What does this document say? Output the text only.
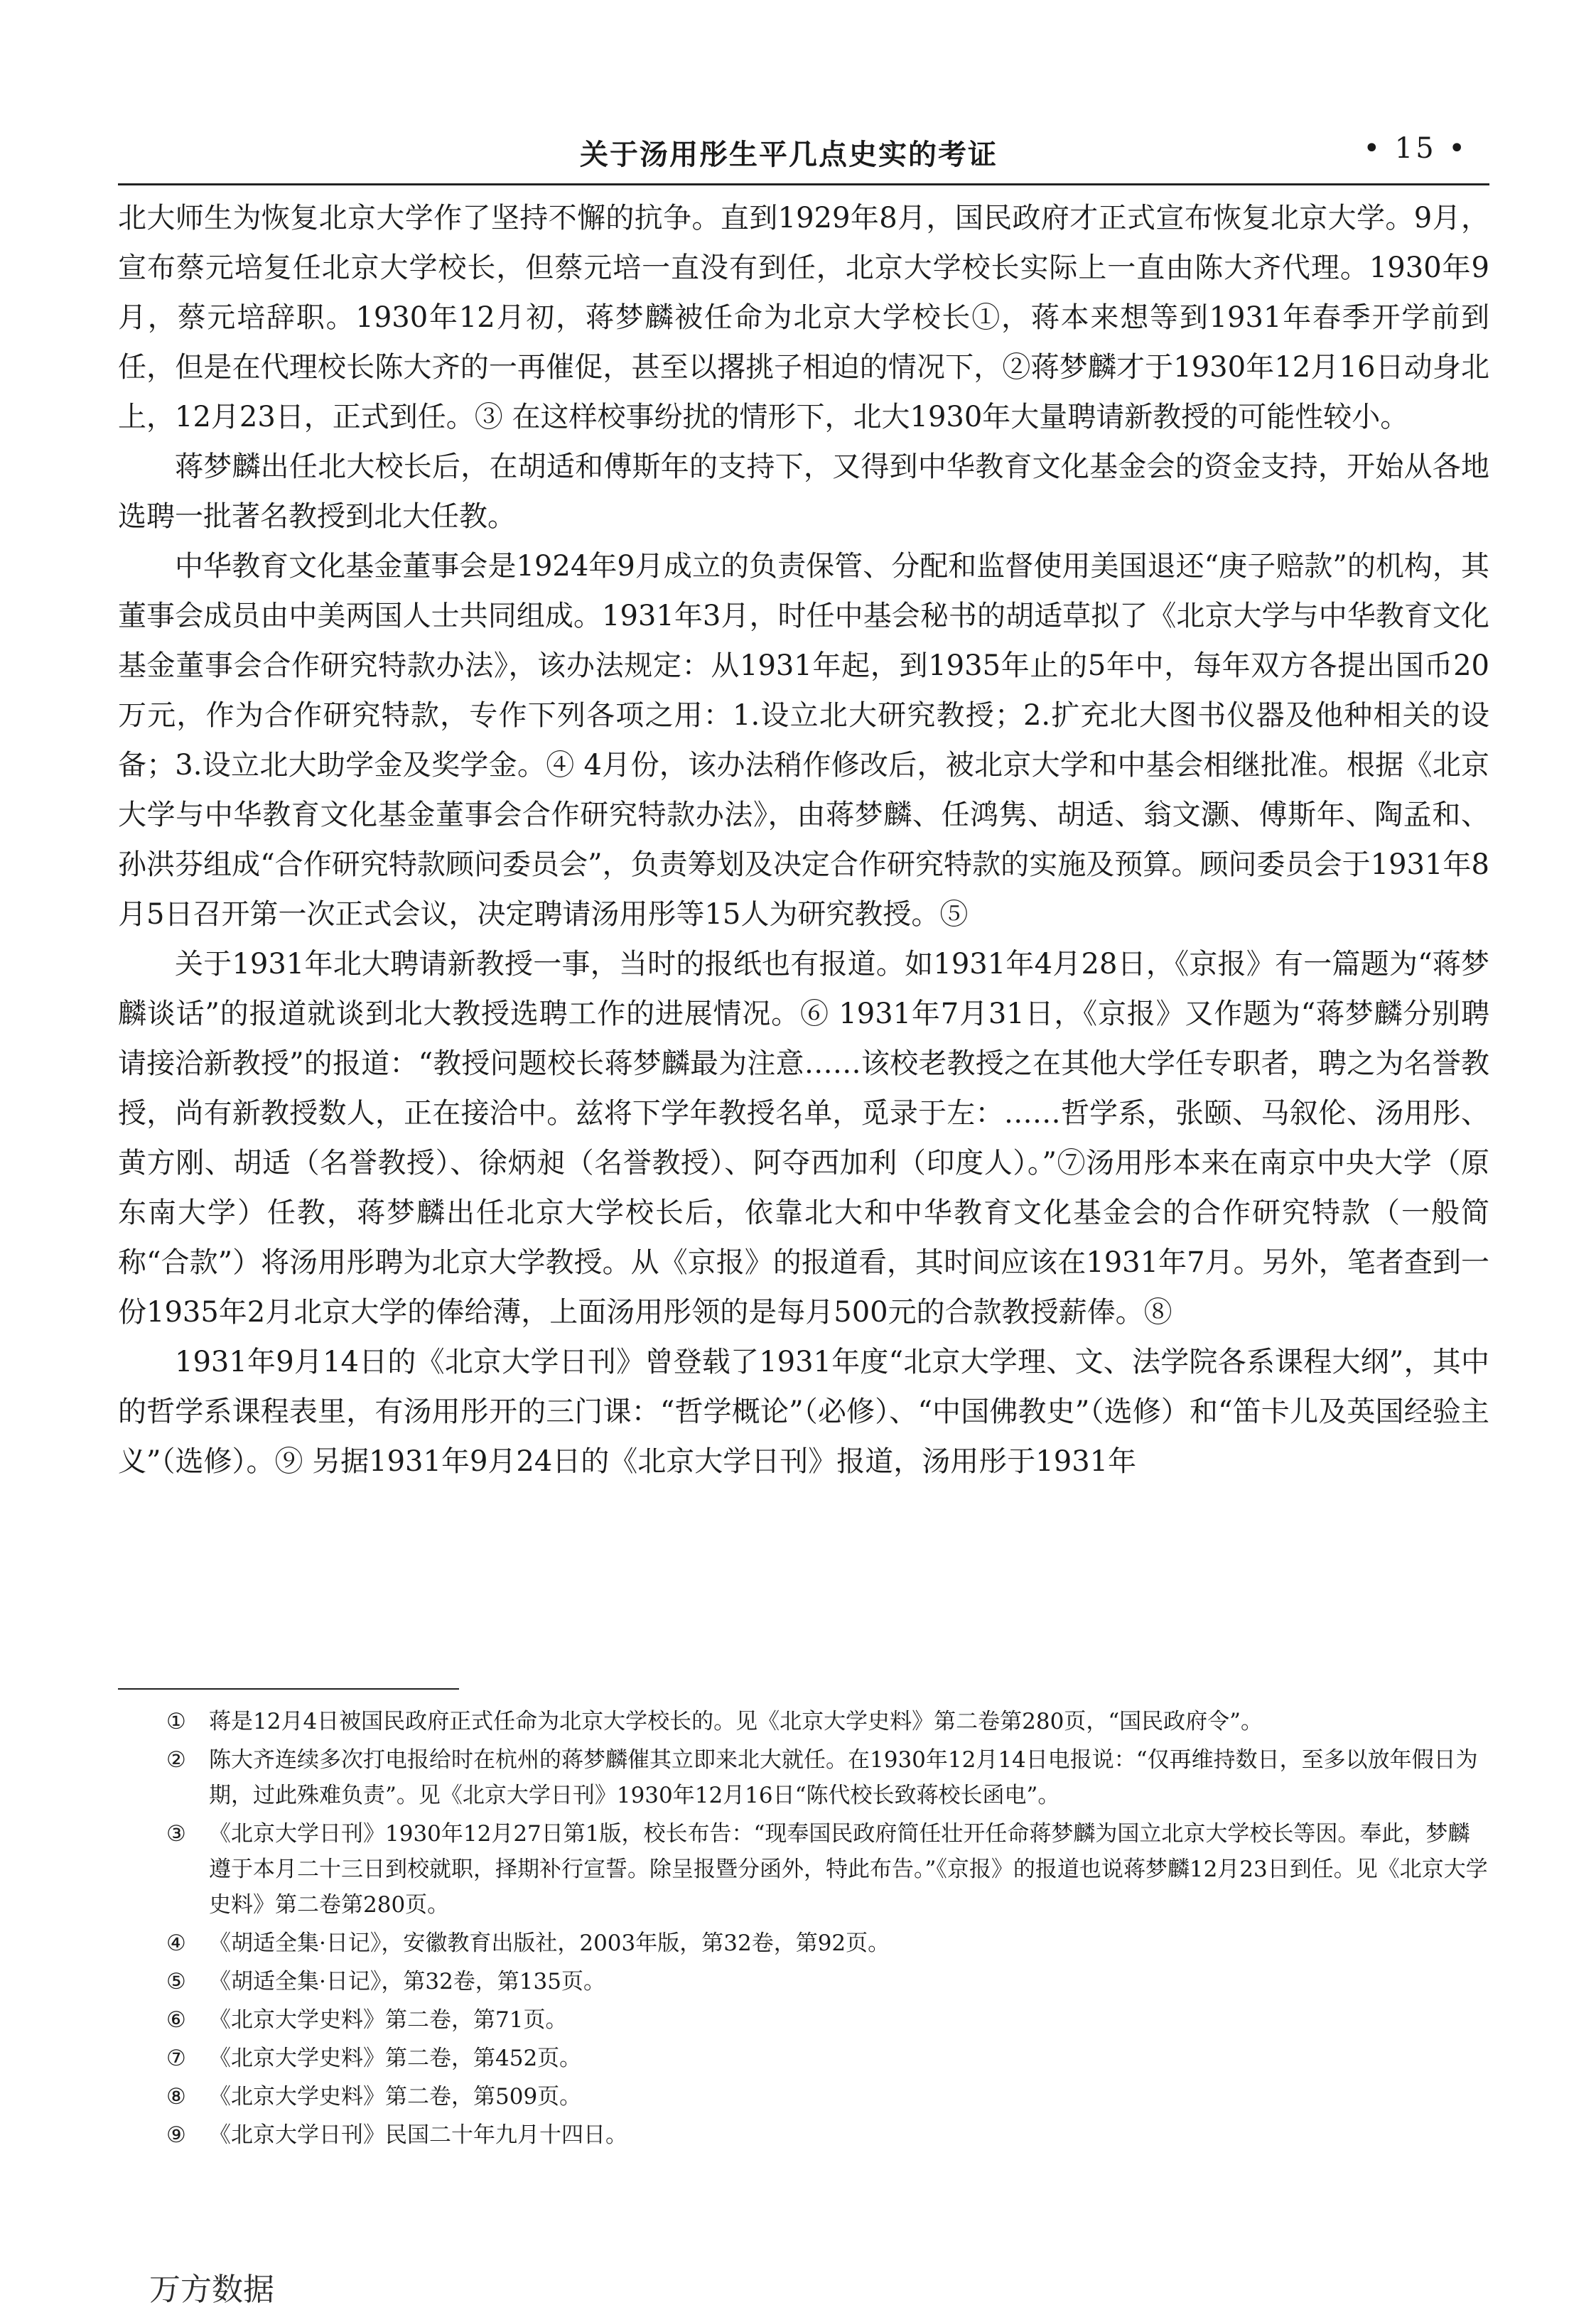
关于汤用彤生平几点史实的考证	• 15 •

北大师生为恢复北京大学作了坚持不懈的抗争。直到1929年8月，国民政府才正式宣布恢复北京大学。9月，宣布蔡元培复任北京大学校长，但蔡元培一直没有到任，北京大学校长实际上一直由陈大齐代理。1930年9月，蔡元培辞职。1930年12月初，蒋梦麟被任命为北京大学校长①，蒋本来想等到1931年春季开学前到任，但是在代理校长陈大齐的一再催促，甚至以撂挑子相迫的情况下，②蒋梦麟才于1930年12月16日动身北上，12月23日，正式到任。③ 在这样校事纷扰的情形下，北大1930年大量聘请新教授的可能性较小。

蒋梦麟出任北大校长后，在胡适和傅斯年的支持下，又得到中华教育文化基金会的资金支持，开始从各地选聘一批著名教授到北大任教。

中华教育文化基金董事会是1924年9月成立的负责保管、分配和监督使用美国退还“庚子赔款”的机构，其董事会成员由中美两国人士共同组成。1931年3月，时任中基会秘书的胡适草拟了《北京大学与中华教育文化基金董事会合作研究特款办法》，该办法规定：从1931年起，到1935年止的5年中，每年双方各提出国币20万元，作为合作研究特款，专作下列各项之用：1.设立北大研究教授；2.扩充北大图书仪器及他种相关的设备；3.设立北大助学金及奖学金。④ 4月份，该办法稍作修改后，被北京大学和中基会相继批准。根据《北京大学与中华教育文化基金董事会合作研究特款办法》，由蒋梦麟、任鸿隽、胡适、翁文灏、傅斯年、陶孟和、孙洪芬组成“合作研究特款顾问委员会”，负责筹划及决定合作研究特款的实施及预算。顾问委员会于1931年8月5日召开第一次正式会议，决定聘请汤用彤等15人为研究教授。⑤

关于1931年北大聘请新教授一事，当时的报纸也有报道。如1931年4月28日，《京报》有一篇题为“蒋梦麟谈话”的报道就谈到北大教授选聘工作的进展情况。⑥ 1931年7月31日，《京报》又作题为“蒋梦麟分别聘请接洽新教授”的报道：“教授问题校长蒋梦麟最为注意……该校老教授之在其他大学任专职者，聘之为名誉教授，尚有新教授数人，正在接洽中。兹将下学年教授名单，觅录于左：……哲学系，张颐、马叙伦、汤用彤、黄方刚、胡适（名誉教授）、徐炳昶（名誉教授）、阿夺西加利（印度人）。”⑦汤用彤本来在南京中央大学（原东南大学）任教，蒋梦麟出任北京大学校长后，依靠北大和中华教育文化基金会的合作研究特款（一般简称“合款”）将汤用彤聘为北京大学教授。从《京报》的报道看，其时间应该在1931年7月。另外，笔者查到一份1935年2月北京大学的俸给薄，上面汤用彤领的是每月500元的合款教授薪俸。⑧

1931年9月14日的《北京大学日刊》曾登载了1931年度“北京大学理、文、法学院各系课程大纲”，其中的哲学系课程表里，有汤用彤开的三门课：“哲学概论”（必修）、“中国佛教史”（选修）和“笛卡儿及英国经验主义”（选修）。⑨ 另据1931年9月24日的《北京大学日刊》报道，汤用彤于1931年

①	蒋是12月4日被国民政府正式任命为北京大学校长的。见《北京大学史料》第二卷第280页，“国民政府令”。
②	陈大齐连续多次打电报给时在杭州的蒋梦麟催其立即来北大就任。在1930年12月14日电报说：“仅再维持数日，至多以放年假日为期，过此殊难负责”。见《北京大学日刊》1930年12月16日“陈代校长致蒋校长函电”。
③	《北京大学日刊》1930年12月27日第1版，校长布告：“现奉国民政府简任壮开任命蒋梦麟为国立北京大学校长等因。奉此，梦麟遵于本月二十三日到校就职，择期补行宣誓。除呈报暨分函外，特此布告。”《京报》的报道也说蒋梦麟12月23日到任。见《北京大学史料》第二卷第280页。
④	《胡适全集·日记》，安徽教育出版社，2003年版，第32卷，第92页。
⑤	《胡适全集·日记》，第32卷，第135页。
⑥	《北京大学史料》第二卷，第71页。
⑦	《北京大学史料》第二卷，第452页。
⑧	《北京大学史料》第二卷，第509页。
⑨	《北京大学日刊》民国二十年九月十四日。
万方数据
